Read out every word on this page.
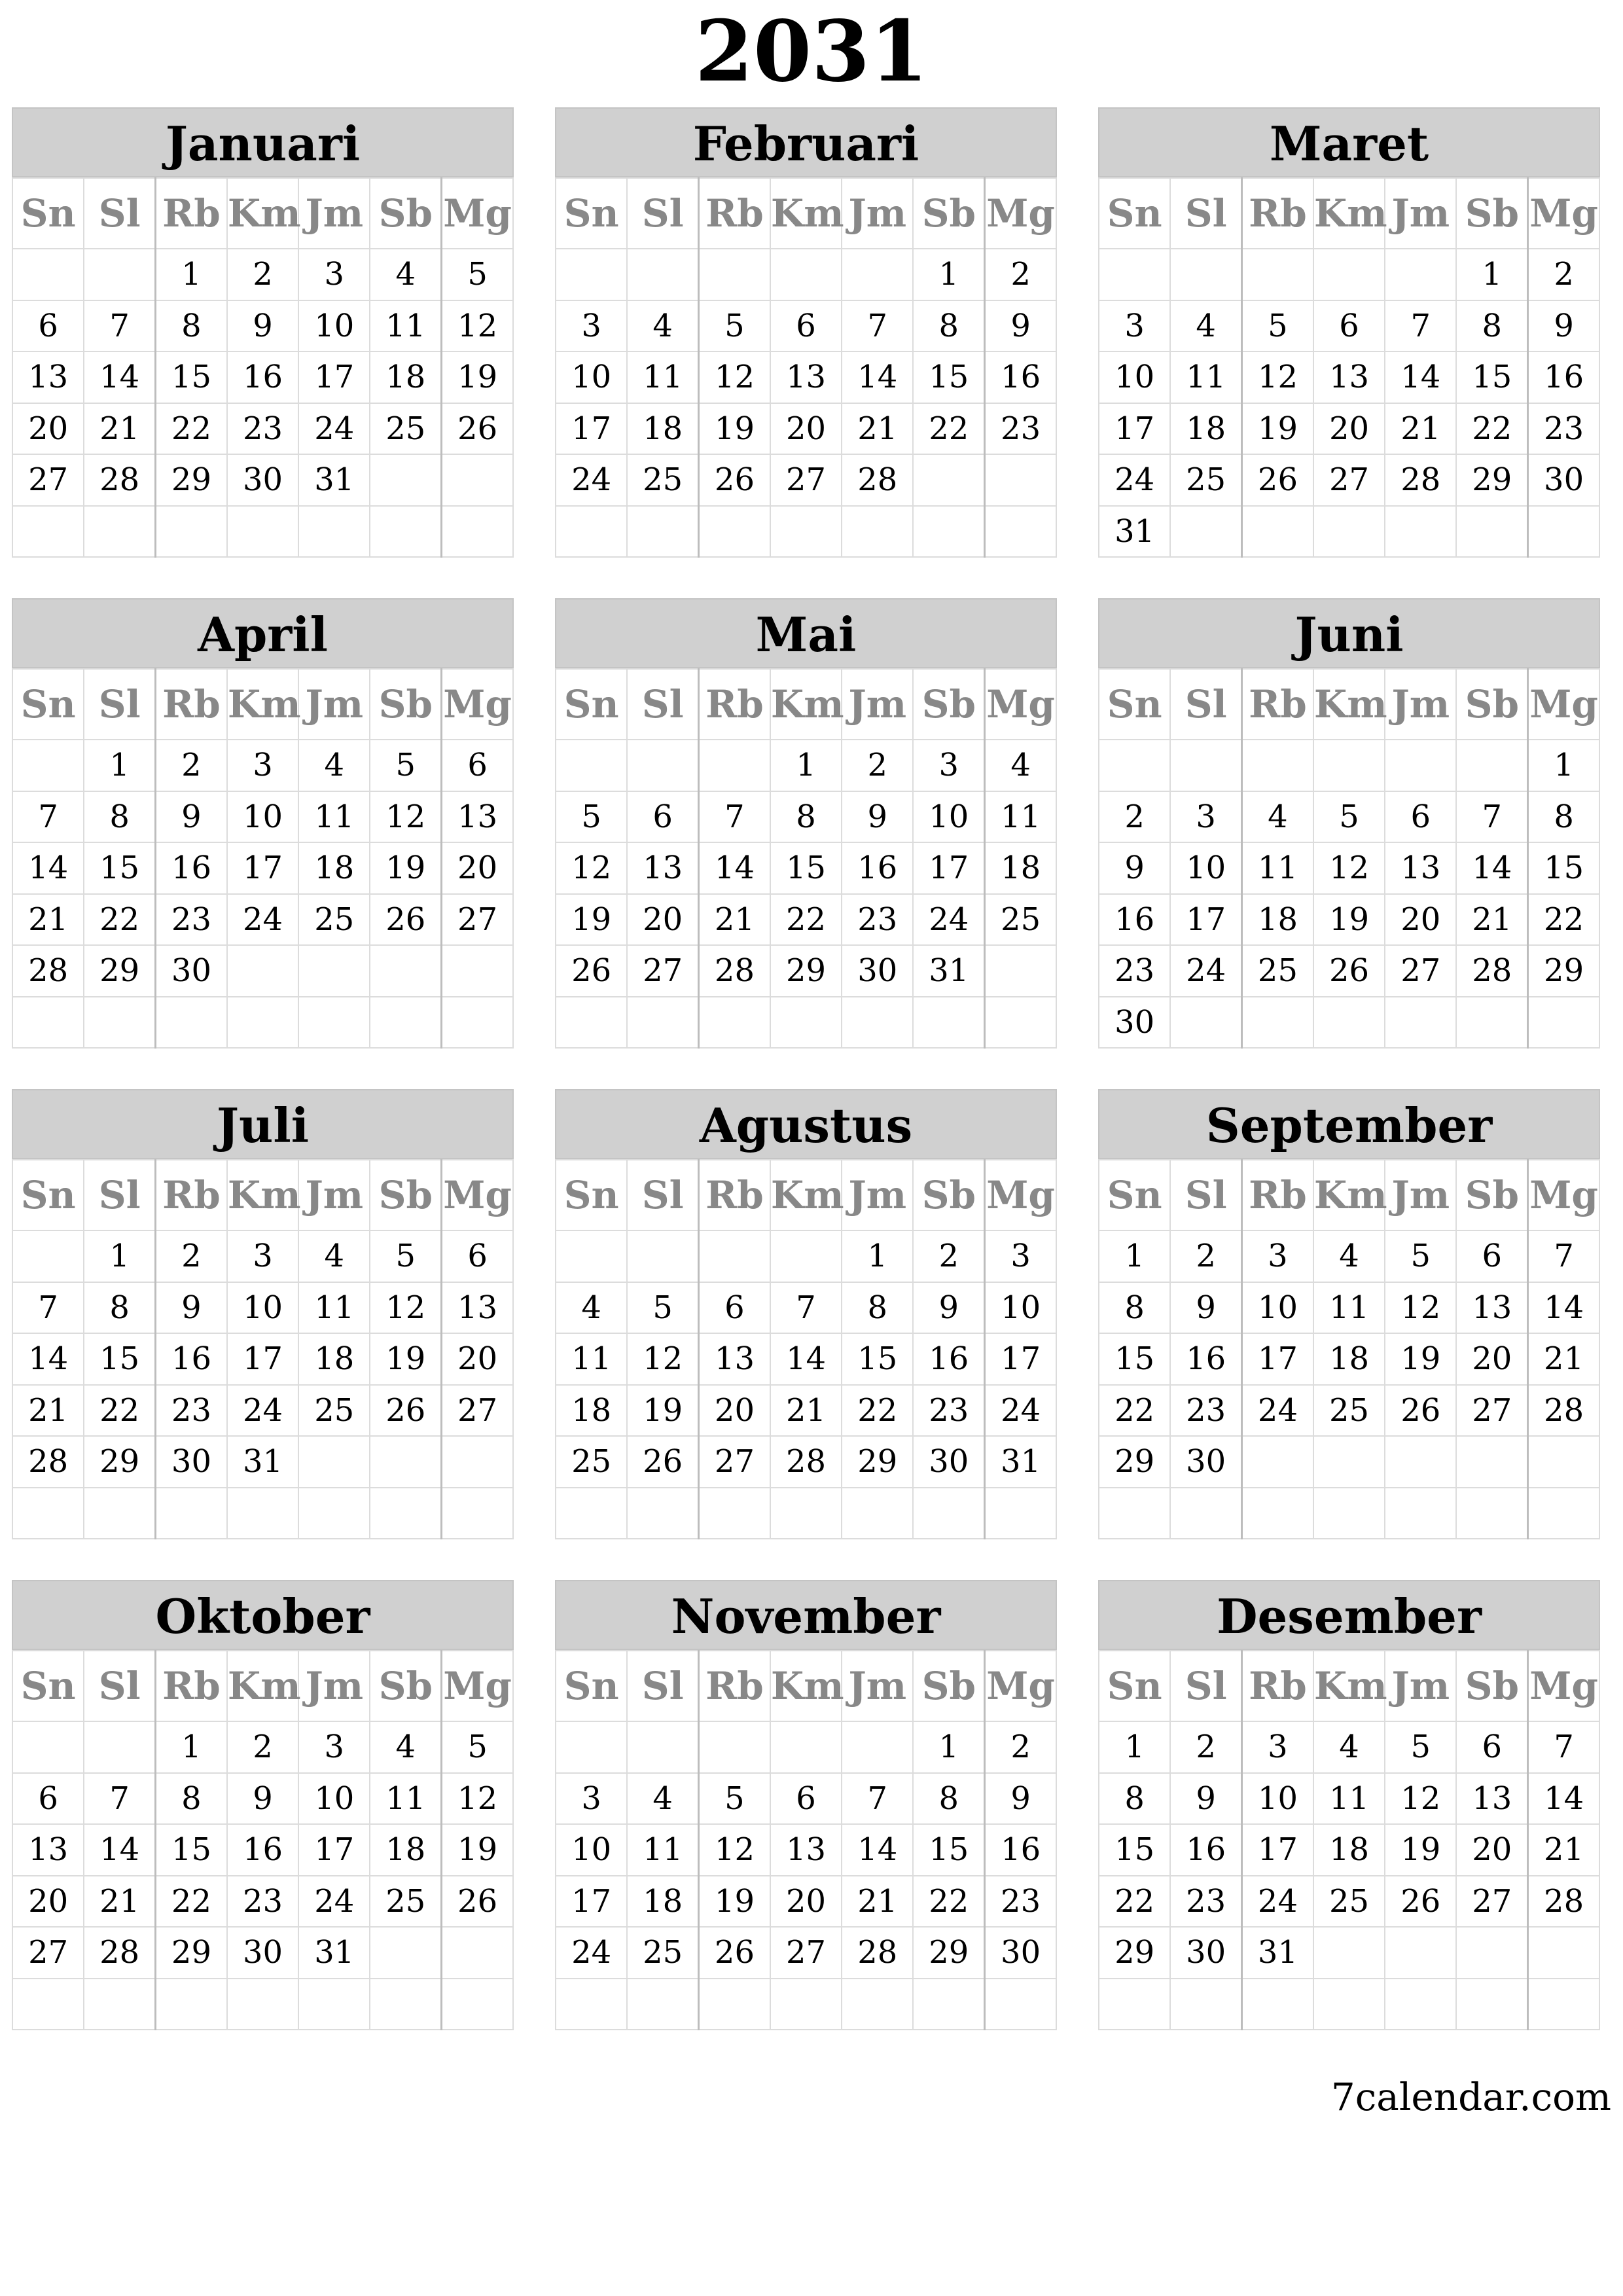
2031
Januari
Sn	Sl	Rb	Km	Jm	Sb	Mg
		1	2	3	4	5
6	7	8	9	10	11	12
13	14	15	16	17	18	19
20	21	22	23	24	25	26
27	28	29	30	31		

Februari
Sn	Sl	Rb	Km	Jm	Sb	Mg
					1	2
3	4	5	6	7	8	9
10	11	12	13	14	15	16
17	18	19	20	21	22	23
24	25	26	27	28		

Maret
Sn	Sl	Rb	Km	Jm	Sb	Mg
					1	2
3	4	5	6	7	8	9
10	11	12	13	14	15	16
17	18	19	20	21	22	23
24	25	26	27	28	29	30
31						
April
Sn	Sl	Rb	Km	Jm	Sb	Mg
	1	2	3	4	5	6
7	8	9	10	11	12	13
14	15	16	17	18	19	20
21	22	23	24	25	26	27
28	29	30				

Mai
Sn	Sl	Rb	Km	Jm	Sb	Mg
			1	2	3	4
5	6	7	8	9	10	11
12	13	14	15	16	17	18
19	20	21	22	23	24	25
26	27	28	29	30	31	

Juni
Sn	Sl	Rb	Km	Jm	Sb	Mg
						1
2	3	4	5	6	7	8
9	10	11	12	13	14	15
16	17	18	19	20	21	22
23	24	25	26	27	28	29
30						
Juli
Sn	Sl	Rb	Km	Jm	Sb	Mg
	1	2	3	4	5	6
7	8	9	10	11	12	13
14	15	16	17	18	19	20
21	22	23	24	25	26	27
28	29	30	31			

Agustus
Sn	Sl	Rb	Km	Jm	Sb	Mg
				1	2	3
4	5	6	7	8	9	10
11	12	13	14	15	16	17
18	19	20	21	22	23	24
25	26	27	28	29	30	31

September
Sn	Sl	Rb	Km	Jm	Sb	Mg
1	2	3	4	5	6	7
8	9	10	11	12	13	14
15	16	17	18	19	20	21
22	23	24	25	26	27	28
29	30					

Oktober
Sn	Sl	Rb	Km	Jm	Sb	Mg
		1	2	3	4	5
6	7	8	9	10	11	12
13	14	15	16	17	18	19
20	21	22	23	24	25	26
27	28	29	30	31		

November
Sn	Sl	Rb	Km	Jm	Sb	Mg
					1	2
3	4	5	6	7	8	9
10	11	12	13	14	15	16
17	18	19	20	21	22	23
24	25	26	27	28	29	30

Desember
Sn	Sl	Rb	Km	Jm	Sb	Mg
1	2	3	4	5	6	7
8	9	10	11	12	13	14
15	16	17	18	19	20	21
22	23	24	25	26	27	28
29	30	31				

7calendar.com
